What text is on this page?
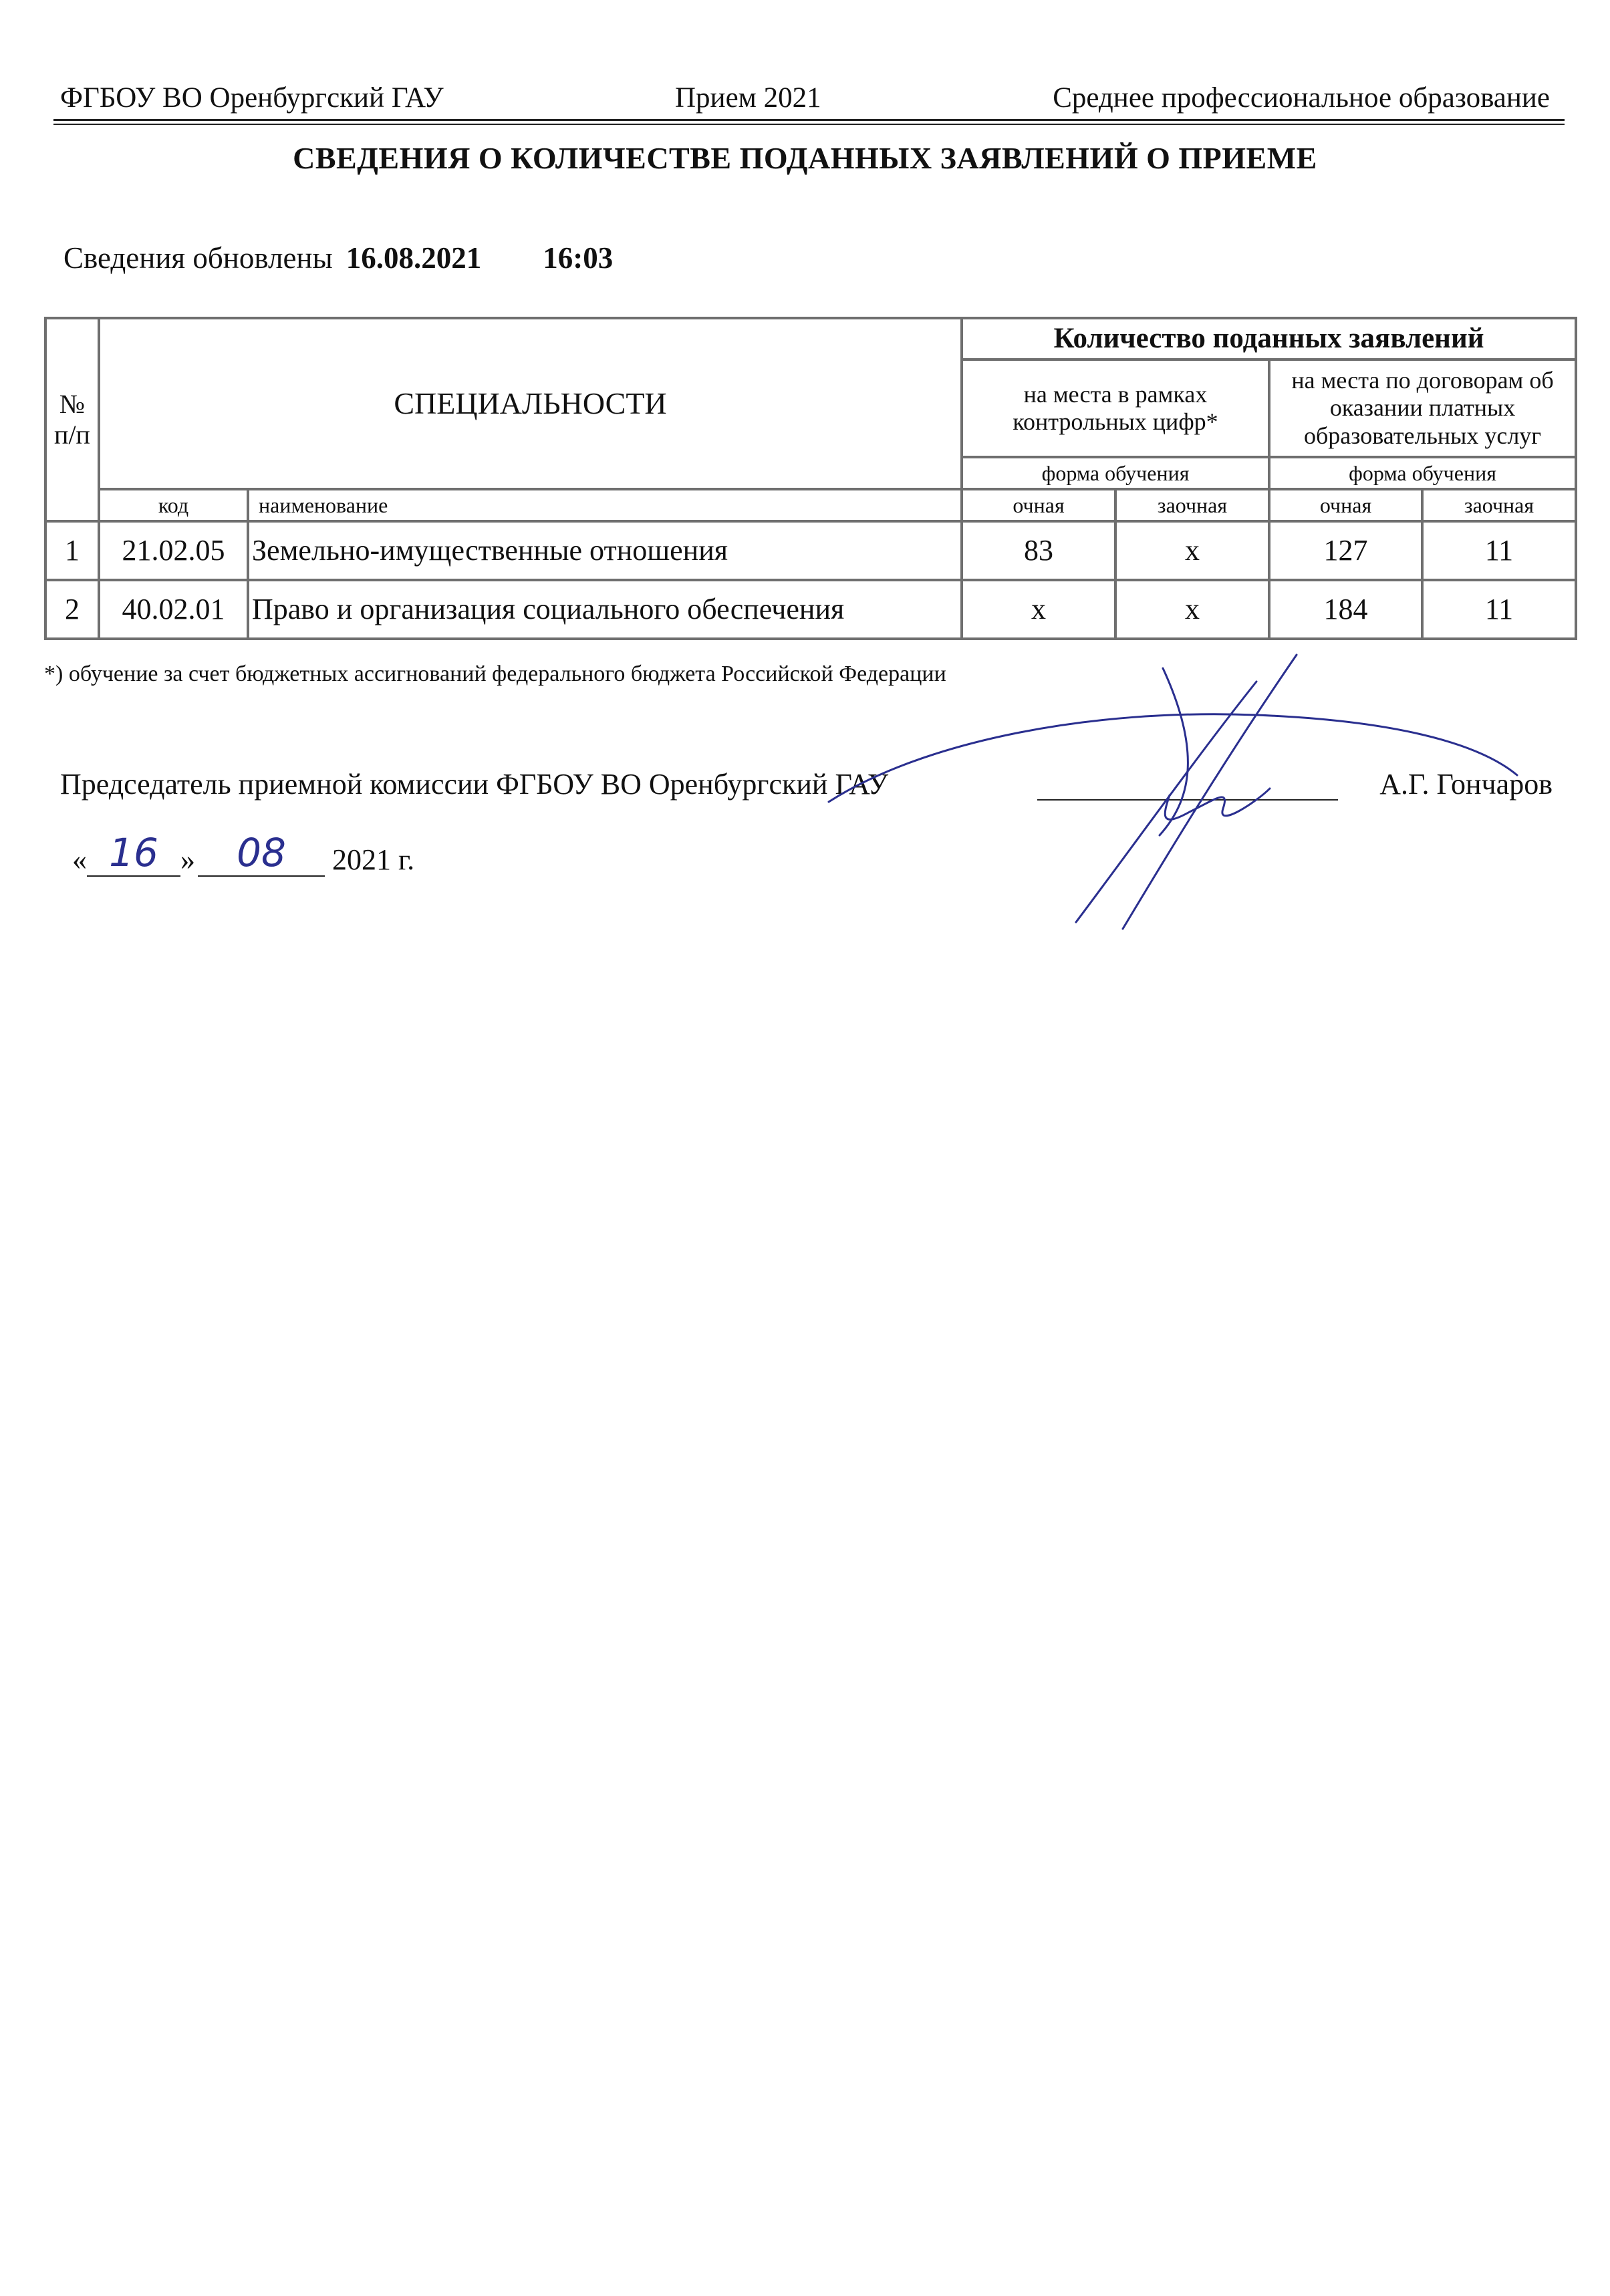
ФГБОУ ВО Оренбургский ГАУ	Прием 2021	Среднее профессиональное образование
СВЕДЕНИЯ О КОЛИЧЕСТВЕ ПОДАННЫХ ЗАЯВЛЕНИЙ О ПРИЕМЕ
Сведения обновлены 16.08.2021 16:03
№ п/п	СПЕЦИАЛЬНОСТИ		Количество поданных заявлений			
			на места в рамках контрольных цифр*		на места по договорам об оказании платных образовательных услуг	
			форма обучения		форма обучения	
	код	наименование	очная	заочная	очная	заочная
1	21.02.05	Земельно-имущественные отношения	83	х	127	11
2	40.02.01	Право и организация социального обеспечения	х	х	184	11
*) обучение за счет бюджетных ассигнований федерального бюджета Российской Федерации
Председатель приемной комиссии ФГБОУ ВО Оренбургский ГАУ	А.Г. Гончаров
« 16 »	08	2021 г.
